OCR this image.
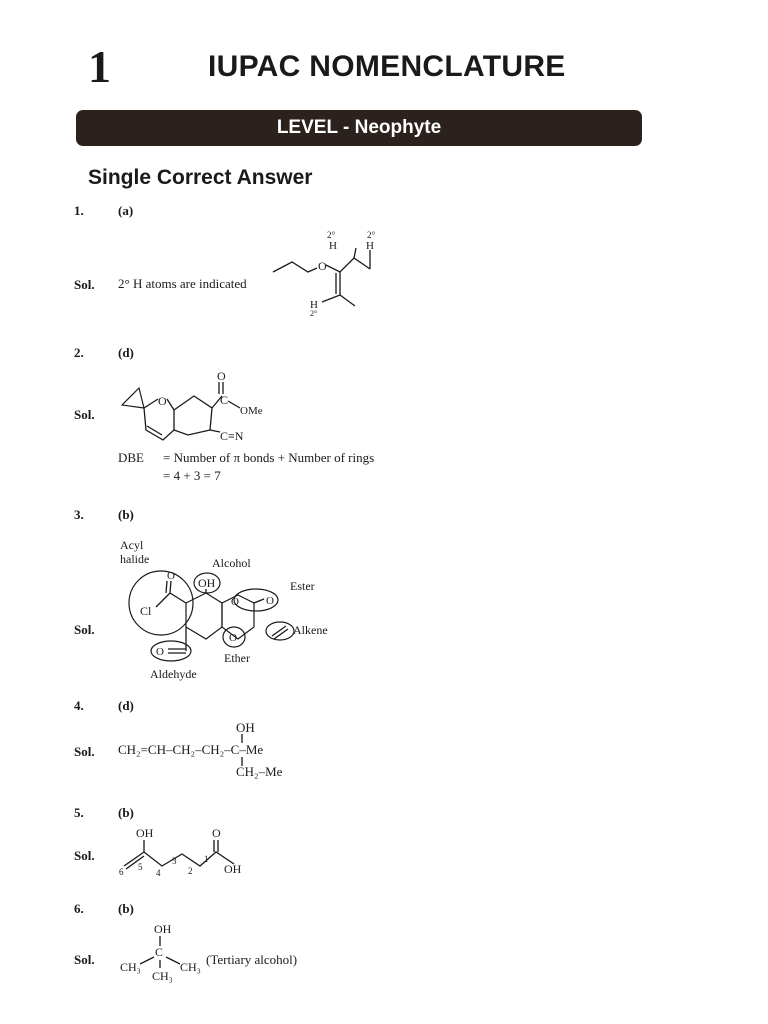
1	IUPAC NOMENCLATURE
LEVEL - Neophyte
Single Correct Answer
1.	(a)
Sol. 2° H atoms are indicated
O
2°
H
2°
H
H
2°
2.	(d)
Sol.
O
O
C
OMe
C≡N
DBE = Number of π bonds + Number of rings
= 4 + 3 = 7
3.	(b)
Sol.
Acyl
halide	Alcohol
Ester
Alkene
Ether
Aldehyde
O
Cl
OH
O O
O
O
4.	(d)
Sol.
OH
CH₂=CH–CH₂–CH₂–C–Me
CH₂–Me
5.	(b)
Sol.
OH	O
OH
6 5
4
3
2
1
6.	(b)
Sol.
OH
C
CH₃	CH₃
CH₃
(Tertiary alcohol)
